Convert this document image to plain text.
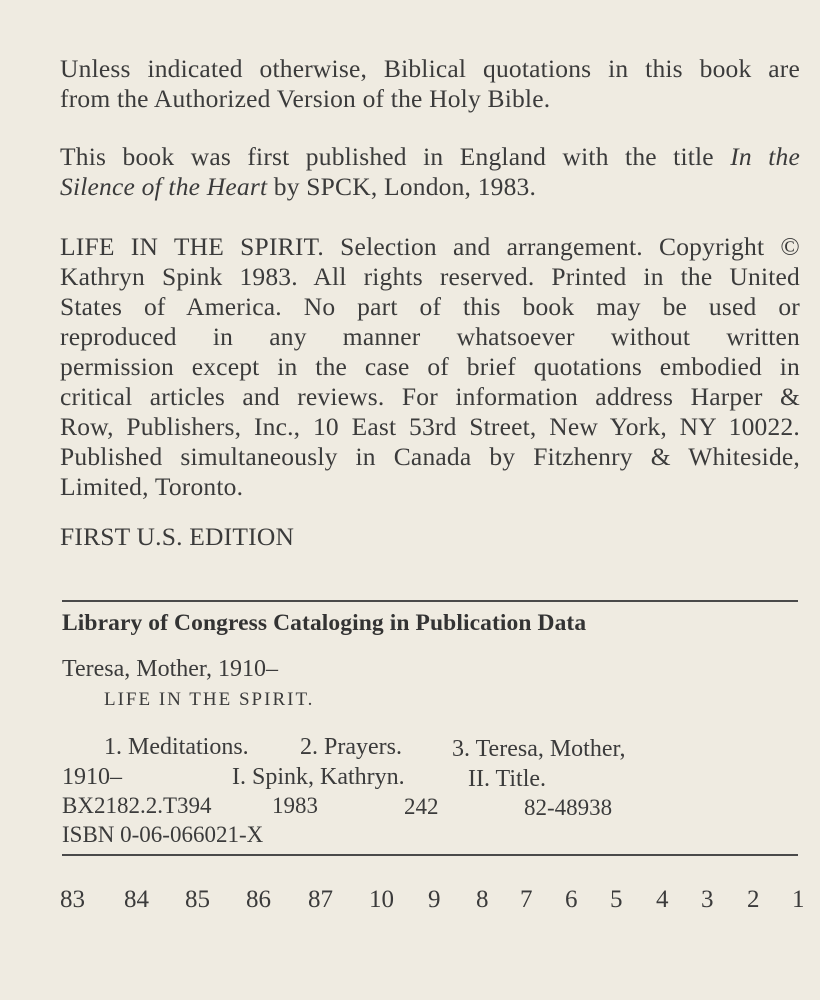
Unless indicated otherwise, Biblical quotations in this book are
from the Authorized Version of the Holy Bible.
This book was first published in England with the title In the
Silence of the Heart by SPCK, London, 1983.
LIFE IN THE SPIRIT. Selection and arrangement. Copyright ©
Kathryn Spink 1983. All rights reserved. Printed in the United
States of America. No part of this book may be used or
reproduced in any manner whatsoever without written
permission except in the case of brief quotations embodied in
critical articles and reviews. For information address Harper &
Row, Publishers, Inc., 10 East 53rd Street, New York, NY 10022.
Published simultaneously in Canada by Fitzhenry & Whiteside,
Limited, Toronto.
FIRST U.S. EDITION
Library of Congress Cataloging in Publication Data
Teresa, Mother, 1910–
LIFE IN THE SPIRIT.
1. Meditations. 2. Prayers. 3. Teresa, Mother,
1910–	I. Spink, Kathryn.	II. Title.
BX2182.2.T394	1983	242	82-48938
ISBN 0-06-066021-X
83 84 85 86 87 10 9 8 7 6 5 4 3 2 1
